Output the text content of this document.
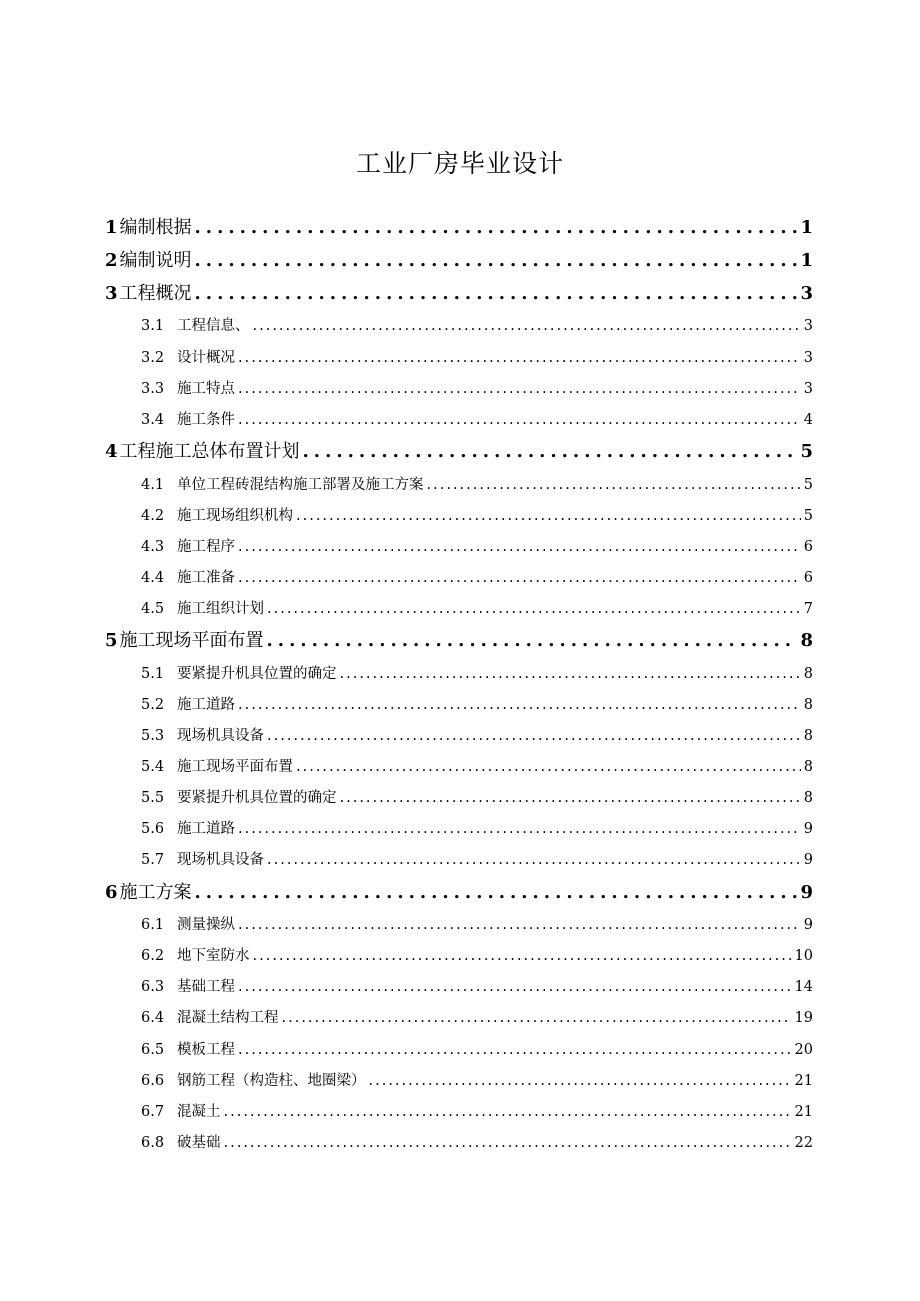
工业厂房毕业设计
1 编制根据 .....	1
2 编制说明 .....	1
3 工程概况 .....	3
3.1 工程信息、 .....	3
3.2 设计概况 .....	3
3.3 施工特点 .....	3
3.4 施工条件 .....	4
4 工程施工总体布置计划 .....	5
4.1 单位工程砖混结构施工部署及施工方案 .....	5
4.2 施工现场组织机构 .....	5
4.3 施工程序 .....	6
4.4 施工准备 .....	6
4.5 施工组织计划 .....	7
5 施工现场平面布置 .....	8
5.1 要紧提升机具位置的确定 .....	8
5.2 施工道路 .....	8
5.3 现场机具设备 .....	8
5.4 施工现场平面布置 .....	8
5.5 要紧提升机具位置的确定 .....	8
5.6 施工道路 .....	9
5.7 现场机具设备 .....	9
6 施工方案 .....	9
6.1 测量操纵 .....	9
6.2 地下室防水 .....	10
6.3 基础工程 .....	14
6.4 混凝土结构工程 .....	19
6.5 模板工程 .....	20
6.6 钢筋工程（构造柱、地圈梁） .....	21
6.7 混凝土 .....	21
6.8 破基础 .....	22
